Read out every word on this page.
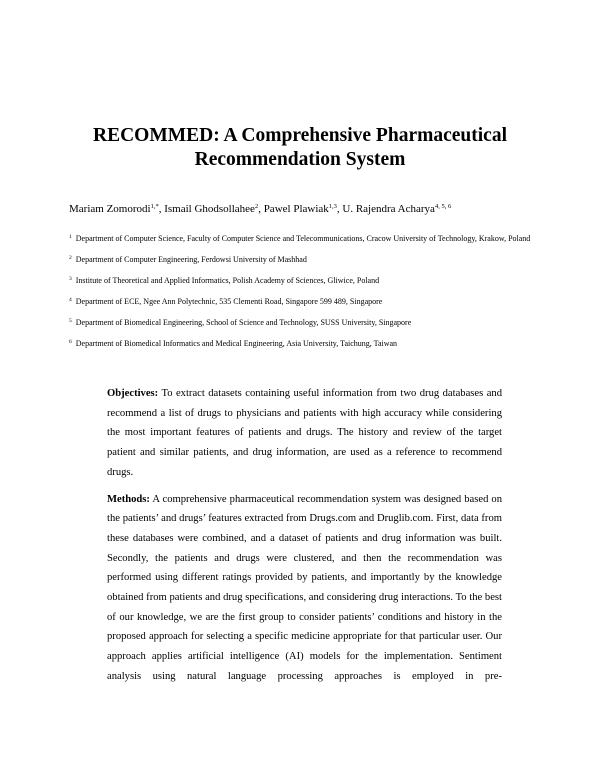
RECOMMED: A Comprehensive Pharmaceutical
Recommendation System
Mariam Zomorodi$^{1,*}$, Ismail Ghodsollahee$^2$, Pawel Plawiak$^{1,3}$, U. Rajendra Acharya$^{4, 5, 6}$

$^1$ Department of Computer Science, Faculty of Computer Science and Telecommunications, Cracow University of Technology, Krakow, Poland

$^2$ Department of Computer Engineering, Ferdowsi University of Mashhad

$^3$ Institute of Theoretical and Applied Informatics, Polish Academy of Sciences, Gliwice, Poland

$^4$ Department of ECE, Ngee Ann Polytechnic, 535 Clementi Road, Singapore 599 489, Singapore

$^5$ Department of Biomedical Engineering, School of Science and Technology, SUSS University, Singapore

$^6$ Department of Biomedical Informatics and Medical Engineering, Asia University, Taichung, Taiwan

Objectives: To extract datasets containing useful information from two drug databases and recommend a list of drugs to physicians and patients with high accuracy while considering the most important features of patients and drugs. The history and review of the target patient and similar patients, and drug information, are used as a reference to recommend drugs.

Methods: A comprehensive pharmaceutical recommendation system was designed based on the patients’ and drugs’ features extracted from Drugs.com and Druglib.com. First, data from these databases were combined, and a dataset of patients and drug information was built. Secondly, the patients and drugs were clustered, and then the recommendation was performed using different ratings provided by patients, and importantly by the knowledge obtained from patients and drug specifications, and considering drug interactions. To the best of our knowledge, we are the first group to consider patients’ conditions and history in the proposed approach for selecting a specific medicine appropriate for that particular user. Our approach applies artificial intelligence (AI) models for the implementation. Sentiment analysis using natural language processing approaches is employed in pre-
